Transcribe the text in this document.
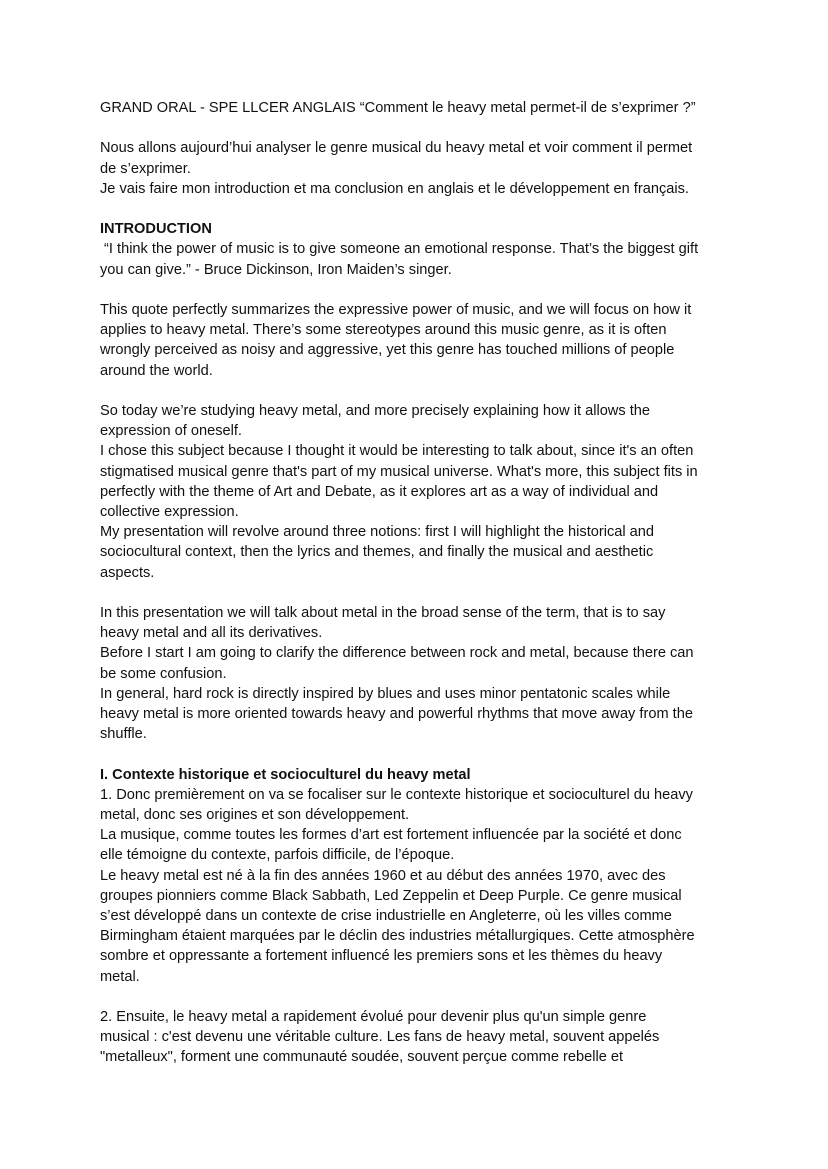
GRAND ORAL - SPE LLCER ANGLAIS “Comment le heavy metal permet-il de s’exprimer ?”

Nous allons aujourd’hui analyser le genre musical du heavy metal et voir comment il permet
de s’exprimer.
Je vais faire mon introduction et ma conclusion en anglais et le développement en français.

INTRODUCTION

“I think the power of music is to give someone an emotional response. That’s the biggest gift
you can give.” - Bruce Dickinson, Iron Maiden’s singer.

This quote perfectly summarizes the expressive power of music, and we will focus on how it
applies to heavy metal. There’s some stereotypes around this music genre, as it is often
wrongly perceived as noisy and aggressive, yet this genre has touched millions of people
around the world.

So today we’re studying heavy metal, and more precisely explaining how it allows the
expression of oneself.
I chose this subject because I thought it would be interesting to talk about, since it's an often
stigmatised musical genre that's part of my musical universe. What's more, this subject fits in
perfectly with the theme of Art and Debate, as it explores art as a way of individual and
collective expression.
My presentation will revolve around three notions: first I will highlight the historical and
sociocultural context, then the lyrics and themes, and finally the musical and aesthetic
aspects.

In this presentation we will talk about metal in the broad sense of the term, that is to say
heavy metal and all its derivatives.
Before I start I am going to clarify the difference between rock and metal, because there can
be some confusion.
In general, hard rock is directly inspired by blues and uses minor pentatonic scales while
heavy metal is more oriented towards heavy and powerful rhythms that move away from the
shuffle.

I. Contexte historique et socioculturel du heavy metal

1. Donc premièrement on va se focaliser sur le contexte historique et socioculturel du heavy
metal, donc ses origines et son développement.
La musique, comme toutes les formes d’art est fortement influencée par la société et donc
elle témoigne du contexte, parfois difficile, de l’époque.
Le heavy metal est né à la fin des années 1960 et au début des années 1970, avec des
groupes pionniers comme Black Sabbath, Led Zeppelin et Deep Purple. Ce genre musical
s’est développé dans un contexte de crise industrielle en Angleterre, où les villes comme
Birmingham étaient marquées par le déclin des industries métallurgiques. Cette atmosphère
sombre et oppressante a fortement influencé les premiers sons et les thèmes du heavy
metal.

2. Ensuite, le heavy metal a rapidement évolué pour devenir plus qu'un simple genre
musical : c'est devenu une véritable culture. Les fans de heavy metal, souvent appelés
"metalleux", forment une communauté soudée, souvent perçue comme rebelle et
